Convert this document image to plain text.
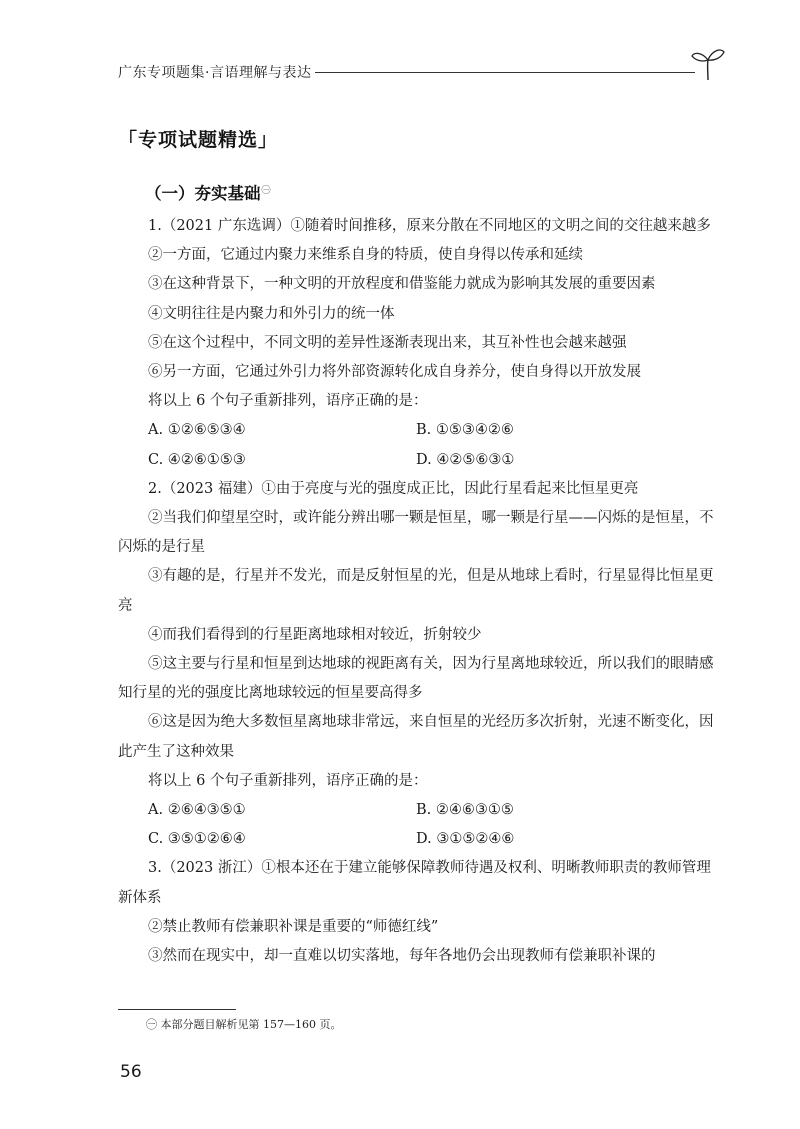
广东专项题集·言语理解与表达
「专项试题精选」
（一）夯实基础$^㊀$

1.（2021 广东选调）①随着时间推移，原来分散在不同地区的文明之间的交往越来越多

②一方面，它通过内聚力来维系自身的特质，使自身得以传承和延续

③在这种背景下，一种文明的开放程度和借鉴能力就成为影响其发展的重要因素

④文明往往是内聚力和外引力的统一体

⑤在这个过程中，不同文明的差异性逐渐表现出来，其互补性也会越来越强

⑥另一方面，它通过外引力将外部资源转化成自身养分，使自身得以开放发展

将以上 6 个句子重新排列，语序正确的是：

A. ①②⑥⑤③④	B. ①⑤③④②⑥
C. ④②⑥①⑤③	D. ④②⑤⑥③①

2.（2023 福建）①由于亮度与光的强度成正比，因此行星看起来比恒星更亮

②当我们仰望星空时，或许能分辨出哪一颗是恒星，哪一颗是行星——闪烁的是恒星，不闪烁的是行星

③有趣的是，行星并不发光，而是反射恒星的光，但是从地球上看时，行星显得比恒星更亮

④而我们看得到的行星距离地球相对较近，折射较少

⑤这主要与行星和恒星到达地球的视距离有关，因为行星离地球较近，所以我们的眼睛感知行星的光的强度比离地球较远的恒星要高得多

⑥这是因为绝大多数恒星离地球非常远，来自恒星的光经历多次折射，光速不断变化，因此产生了这种效果

将以上 6 个句子重新排列，语序正确的是：

A. ②⑥④③⑤①	B. ②④⑥③①⑤
C. ③⑤①②⑥④	D. ③①⑤②④⑥

3.（2023 浙江）①根本还在于建立能够保障教师待遇及权利、明晰教师职责的教师管理新体系

②禁止教师有偿兼职补课是重要的“师德红线”

③然而在现实中，却一直难以切实落地，每年各地仍会出现教师有偿兼职补课的

㊀ 本部分题目解析见第 157—160 页。
56
